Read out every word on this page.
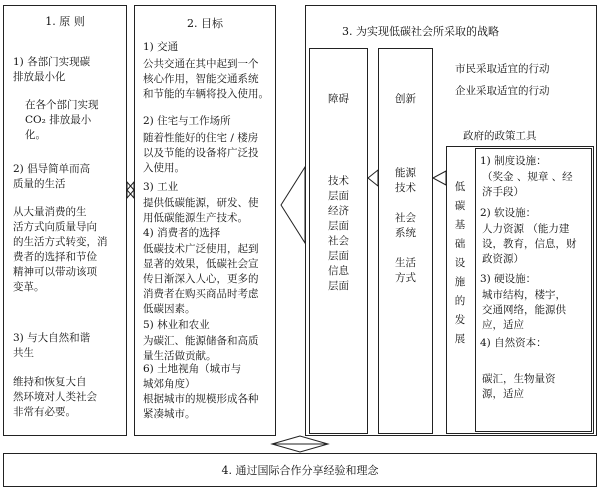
1. 原 则
1) 各部门实现碳
排放最小化
在各个部门实现
CO₂ 排放最小
化。
2) 倡导简单而高
质量的生活
从大量消费的生
活方式向质量导向
的生活方式转变，消
费者的选择和节俭
精神可以带动该项
变革。
3) 与大自然和谐
共生
维持和恢复大自
然环境对人类社会
非常有必要。
2. 目标
1) 交通
公共交通在其中起到一个
核心作用，智能交通系统
和节能的车辆将投入使用。
2) 住宅与工作场所
随着性能好的住宅 / 楼房
以及节能的设备将广泛投
入使用。
3) 工业
提供低碳能源，研发、使
用低碳能源生产技术。
4) 消费者的选择
低碳技术广泛使用，起到
显著的效果，低碳社会宣
传日渐深入人心，更多的
消费者在购买商品时考虑
低碳因素。
5) 林业和农业
为碳汇、能源储备和高质
量生活做贡献。
6) 土地视角（城市与
城郊角度）
根据城市的规模形成各种
紧凑城市。
3. 为实现低碳社会所采取的战略
障碍
技术
层面
经济
层面
社会
层面
信息
层面
创新
能源
技术

社会
系统

生活
方式
市民采取适宜的行动
企业采取适宜的行动
政府的政策工具
低
碳
基
础
设
施
的
发
展
1) 制度设施：
（奖金 、规章 、经
济手段）
2) 软设施：
人力资源 （能力建
设，教育，信息，财
政资源）
3) 硬设施：
城市结构，楼宇，
交通网络，能源供
应，适应
4) 自然资本：
碳汇，生物量资
源，适应
4. 通过国际合作分享经验和理念
